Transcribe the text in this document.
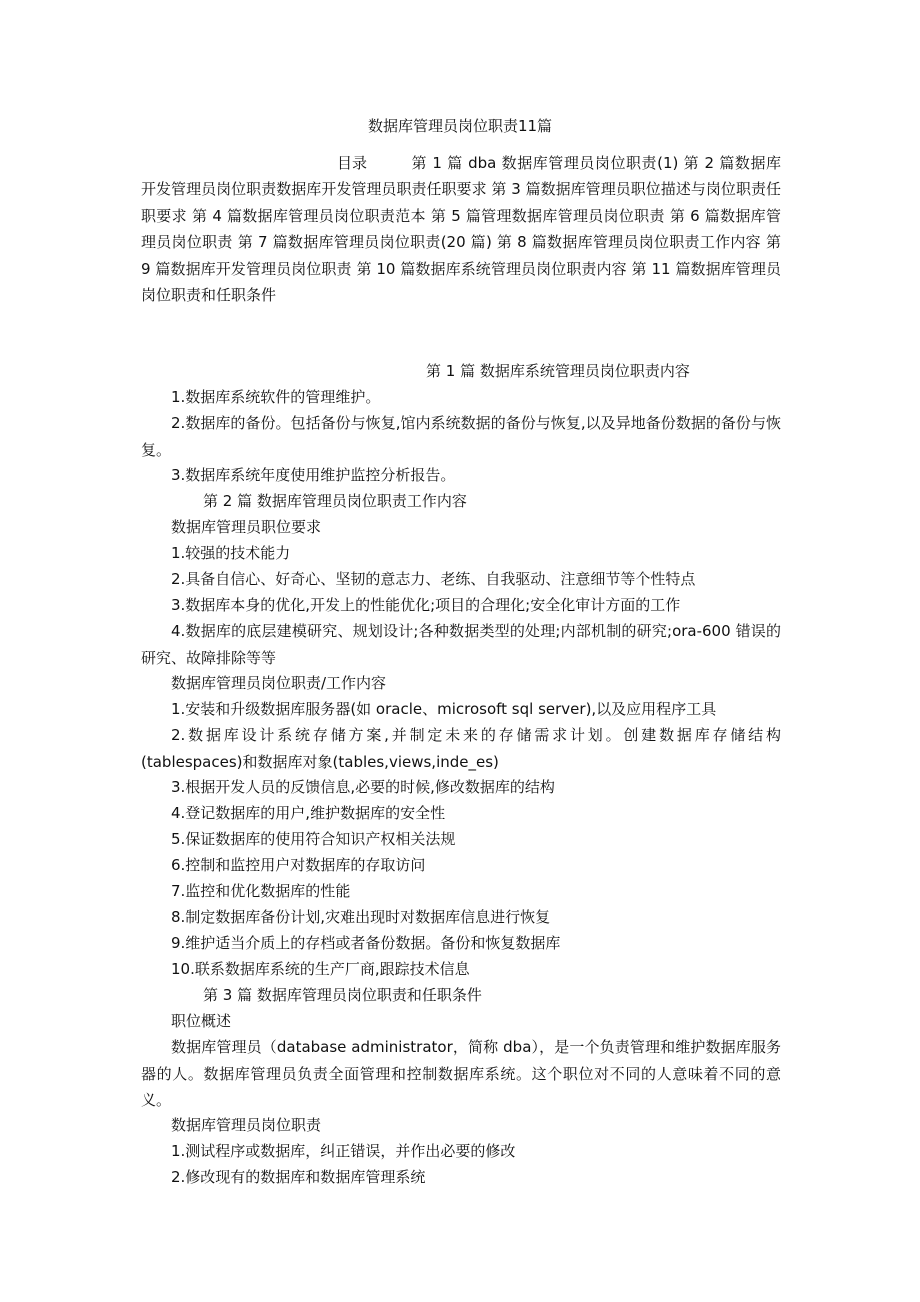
数据库管理员岗位职责11篇
目录	第 1 篇 dba 数据库管理员岗位职责(1) 第 2 篇数据库开发管理员岗位职责数据库开发管理员职责任职要求 第 3 篇数据库管理员职位描述与岗位职责任职要求 第 4 篇数据库管理员岗位职责范本 第 5 篇管理数据库管理员岗位职责 第 6 篇数据库管理员岗位职责 第 7 篇数据库管理员岗位职责(20 篇) 第 8 篇数据库管理员岗位职责工作内容 第 9 篇数据库开发管理员岗位职责 第 10 篇数据库系统管理员岗位职责内容 第 11 篇数据库管理员岗位职责和任职条件
第 1 篇 数据库系统管理员岗位职责内容
1.数据库系统软件的管理维护。
2.数据库的备份。包括备份与恢复,馆内系统数据的备份与恢复,以及异地备份数据的备份与恢复。
3.数据库系统年度使用维护监控分析报告。
第 2 篇 数据库管理员岗位职责工作内容
数据库管理员职位要求
1.较强的技术能力
2.具备自信心、好奇心、坚韧的意志力、老练、自我驱动、注意细节等个性特点
3.数据库本身的优化,开发上的性能优化;项目的合理化;安全化审计方面的工作
4.数据库的底层建模研究、规划设计;各种数据类型的处理;内部机制的研究;ora-600 错误的研究、故障排除等等
数据库管理员岗位职责/工作内容
1.安装和升级数据库服务器(如 oracle、microsoft sql server),以及应用程序工具
2.数据库设计系统存储方案,并制定未来的存储需求计划。创建数据库存储结构(tablespaces)和数据库对象(tables,views,inde_es)
3.根据开发人员的反馈信息,必要的时候,修改数据库的结构
4.登记数据库的用户,维护数据库的安全性
5.保证数据库的使用符合知识产权相关法规
6.控制和监控用户对数据库的存取访问
7.监控和优化数据库的性能
8.制定数据库备份计划,灾难出现时对数据库信息进行恢复
9.维护适当介质上的存档或者备份数据。备份和恢复数据库
10.联系数据库系统的生产厂商,跟踪技术信息
第 3 篇 数据库管理员岗位职责和任职条件
职位概述
数据库管理员（database administrator，简称 dba），是一个负责管理和维护数据库服务器的人。数据库管理员负责全面管理和控制数据库系统。这个职位对不同的人意味着不同的意义。
数据库管理员岗位职责
1.测试程序或数据库，纠正错误，并作出必要的修改
2.修改现有的数据库和数据库管理系统
